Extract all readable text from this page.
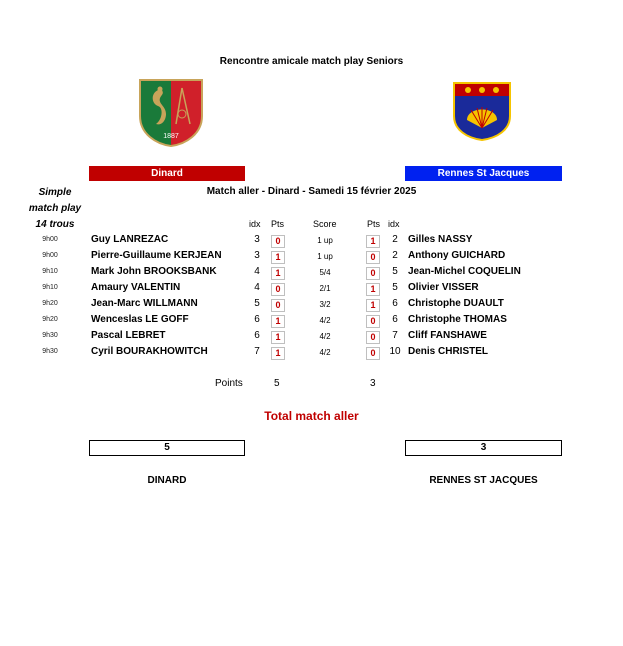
Rencontre amicale match play Seniors
1887
Dinard	Rennes St Jacques
Simple
match play
14 trous
Match aller - Dinard - Samedi 15 février 2025
idx Pts	Score	Pts idx
9h00	Guy LANREZAC	3	0	1 up	1	2	Gilles NASSY
9h00	Pierre-Guillaume KERJEAN	3	1	1 up	0	2	Anthony GUICHARD
9h10	Mark John BROOKSBANK	4	1	5/4	0	5	Jean-Michel COQUELIN
9h10	Amaury VALENTIN	4	0	2/1	1	5	Olivier VISSER
9h20	Jean-Marc WILLMANN	5	0	3/2	1	6	Christophe DUAULT
9h20	Wenceslas LE GOFF	6	1	4/2	0	6	Christophe THOMAS
9h30	Pascal LEBRET	6	1	4/2	0	7	Cliff FANSHAWE
9h30	Cyril BOURAKHOWITCH	7	1	4/2	0	10 Denis CHRISTEL
Points	5	3
Total match aller
5	3
DINARD	RENNES ST JACQUES
